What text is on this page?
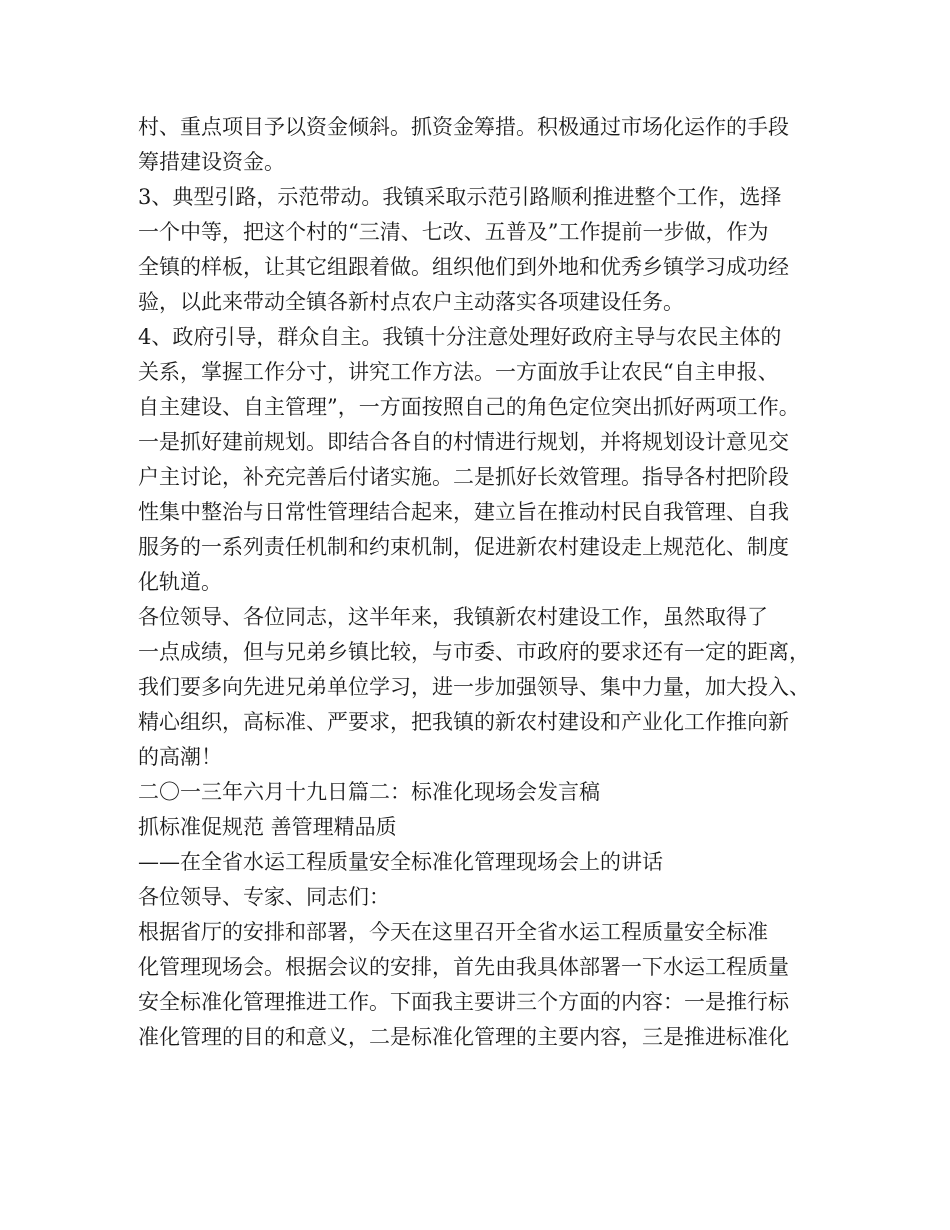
村、重点项目予以资金倾斜。抓资金筹措。积极通过市场化运作的手段
筹措建设资金。
3、典型引路，示范带动。我镇采取示范引路顺利推进整个工作，选择
一个中等，把这个村的“三清、七改、五普及”工作提前一步做，作为
全镇的样板，让其它组跟着做。组织他们到外地和优秀乡镇学习成功经
验，以此来带动全镇各新村点农户主动落实各项建设任务。
4、政府引导，群众自主。我镇十分注意处理好政府主导与农民主体的
关系，掌握工作分寸，讲究工作方法。一方面放手让农民“自主申报、
自主建设、自主管理”，一方面按照自己的角色定位突出抓好两项工作。
一是抓好建前规划。即结合各自的村情进行规划，并将规划设计意见交
户主讨论，补充完善后付诸实施。二是抓好长效管理。指导各村把阶段
性集中整治与日常性管理结合起来，建立旨在推动村民自我管理、自我
服务的一系列责任机制和约束机制，促进新农村建设走上规范化、制度
化轨道。
各位领导、各位同志，这半年来，我镇新农村建设工作，虽然取得了
一点成绩，但与兄弟乡镇比较，与市委、市政府的要求还有一定的距离，
我们要多向先进兄弟单位学习，进一步加强领导、集中力量，加大投入、
精心组织，高标准、严要求，把我镇的新农村建设和产业化工作推向新
的高潮！
二〇一三年六月十九日篇二：标准化现场会发言稿
抓标准促规范 善管理精品质
——在全省水运工程质量安全标准化管理现场会上的讲话
各位领导、专家、同志们：
根据省厅的安排和部署，今天在这里召开全省水运工程质量安全标准
化管理现场会。根据会议的安排，首先由我具体部署一下水运工程质量
安全标准化管理推进工作。下面我主要讲三个方面的内容：一是推行标
准化管理的目的和意义，二是标准化管理的主要内容，三是推进标准化
